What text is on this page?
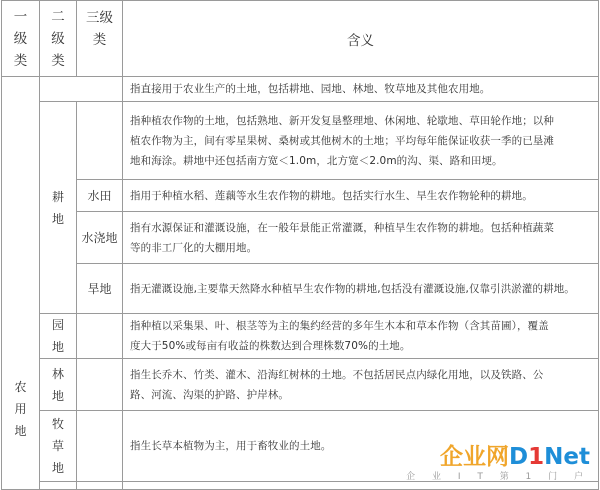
一
级
类	二
级
类	三级
类	含义

农
用
地			指直接用于农业生产的土地，包括耕地、园地、林地、牧草地及其他农用地。

	耕
地		指种植农作物的土地，包括熟地、新开发复垦整理地、休闲地、轮歇地、草田轮作地；以种
植农作物为主，间有零星果树、桑树或其他树木的土地；平均每年能保证收获一季的已垦滩
地和海涂。耕地中还包括南方宽＜1.0m，北方宽＜2.0m的沟、渠、路和田埂。

		水田	指用于种植水稻、莲藕等水生农作物的耕地。包括实行水生、旱生农作物轮种的耕地。
		水浇地	指有水源保证和灌溉设施，在一般年景能正常灌溉，种植旱生农作物的耕地。包括种植蔬菜
等的非工厂化的大棚用地。

		旱地	指无灌溉设施,主要靠天然降水种植旱生农作物的耕地,包括没有灌溉设施,仅靠引洪淤灌的耕地。

	园
地		指种植以采集果、叶、根茎等为主的集约经营的多年生木本和草本作物（含其苗圃），覆盖
度大于50%或每亩有收益的株数达到合理株数70%的土地。

	林
地		指生长乔木、竹类、灌木、沿海红树林的土地。不包括居民点内绿化用地，以及铁路、公
路、河流、沟渠的护路、护岸林。

	牧
草
地		指生长草本植物为主，用于畜牧业的土地。
			企业网D1Net
企 业 I T 第 1 门 户
